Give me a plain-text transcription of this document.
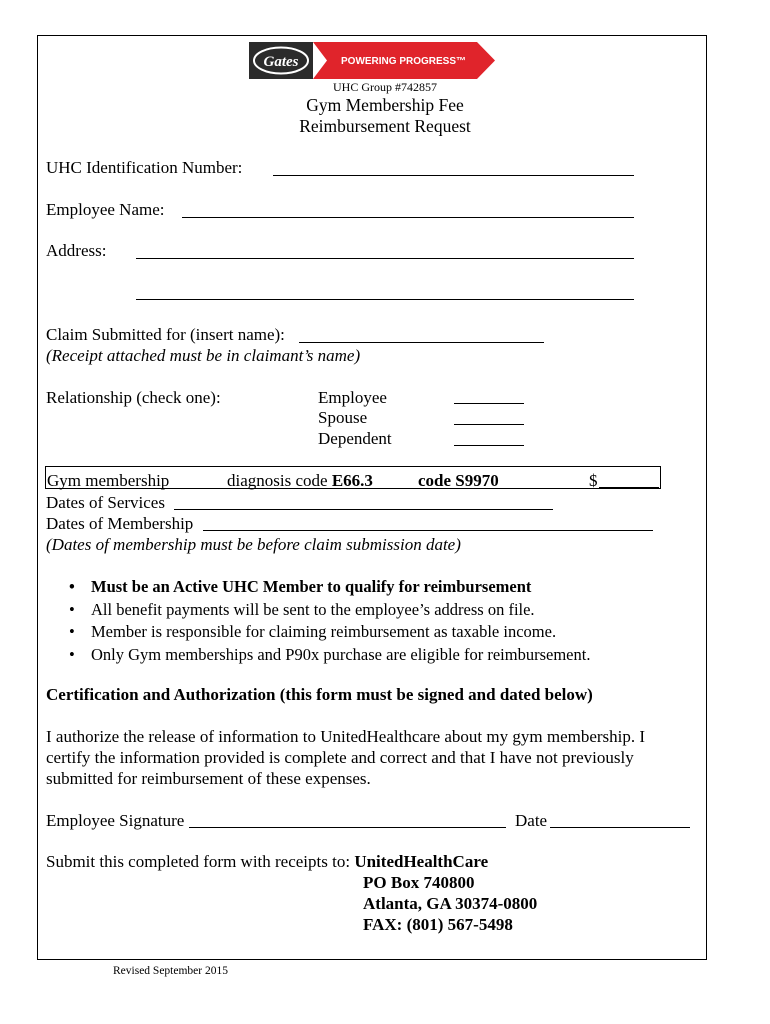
Gates	POWERING PROGRESS™
UHC Group #742857
Gym Membership Fee
Reimbursement Request
UHC Identification Number:
Employee Name:
Address:
Claim Submitted for (insert name):
(Receipt attached must be in claimant’s name)
Relationship (check one):	Employee
Spouse
Dependent
Gym membership	diagnosis code E66.3	code S9970	$
Dates of Services
Dates of Membership
(Dates of membership must be before claim submission date)
• Must be an Active UHC Member to qualify for reimbursement
• All benefit payments will be sent to the employee’s address on file.
• Member is responsible for claiming reimbursement as taxable income.
• Only Gym memberships and P90x purchase are eligible for reimbursement.
Certification and Authorization (this form must be signed and dated below)
I authorize the release of information to UnitedHealthcare about my gym membership. I
certify the information provided is complete and correct and that I have not previously
submitted for reimbursement of these expenses.
Employee Signature	Date
Submit this completed form with receipts to: UnitedHealthCare
PO Box 740800
Atlanta, GA 30374-0800
FAX: (801) 567-5498
Revised September 2015
